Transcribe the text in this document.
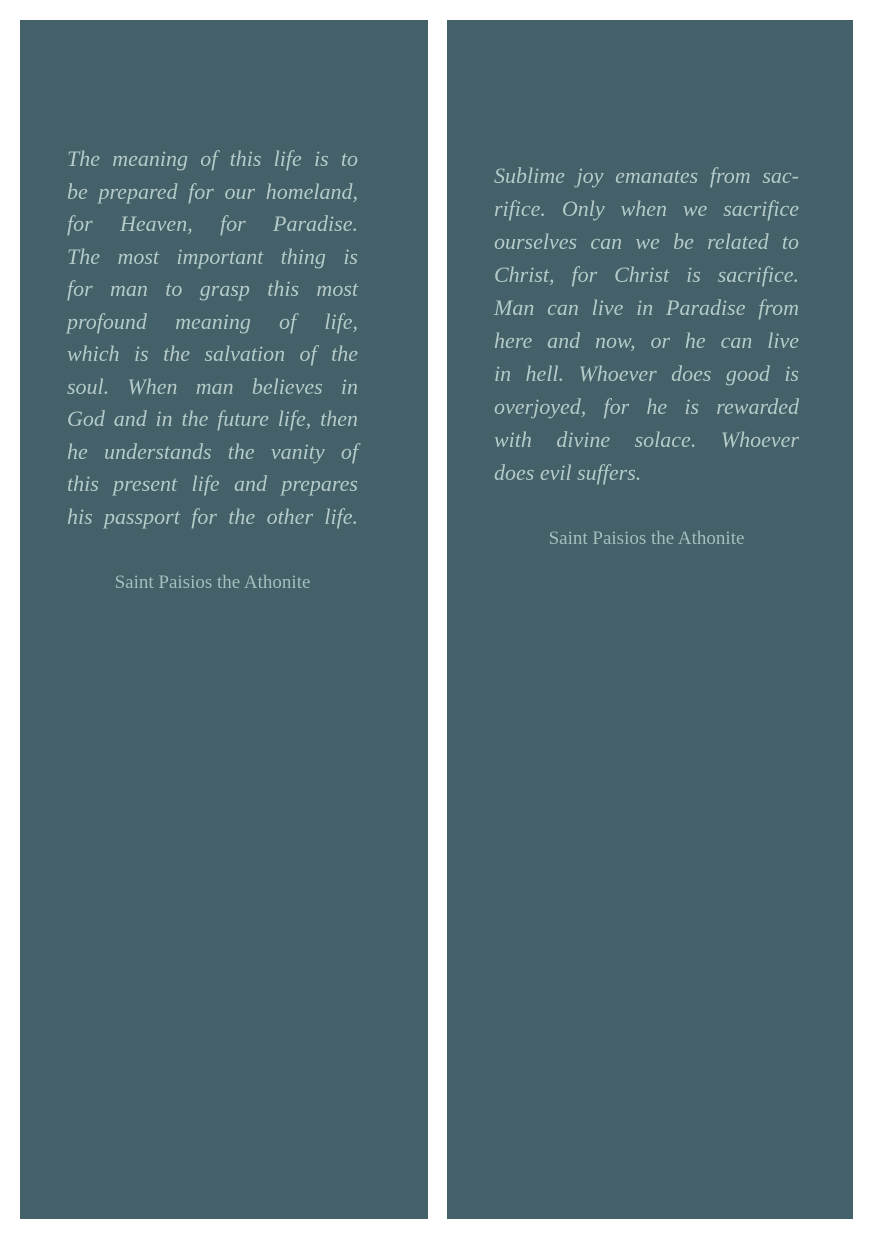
The meaning of this life is to
be prepared for our homeland,
for Heaven, for Paradise.
The most important thing is
for man to grasp this most
profound meaning of life,
which is the salvation of the
soul. When man believes in
God and in the future life, then
he understands the vanity of
this present life and prepares
his passport for the other life.
Saint Paisios the Athonite
Sublime joy emanates from sac-
rifice. Only when we sacrifice
ourselves can we be related to
Christ, for Christ is sacrifice.
Man can live in Paradise from
here and now, or he can live
in hell. Whoever does good is
overjoyed, for he is rewarded
with divine solace. Whoever
does evil suffers.
Saint Paisios the Athonite
